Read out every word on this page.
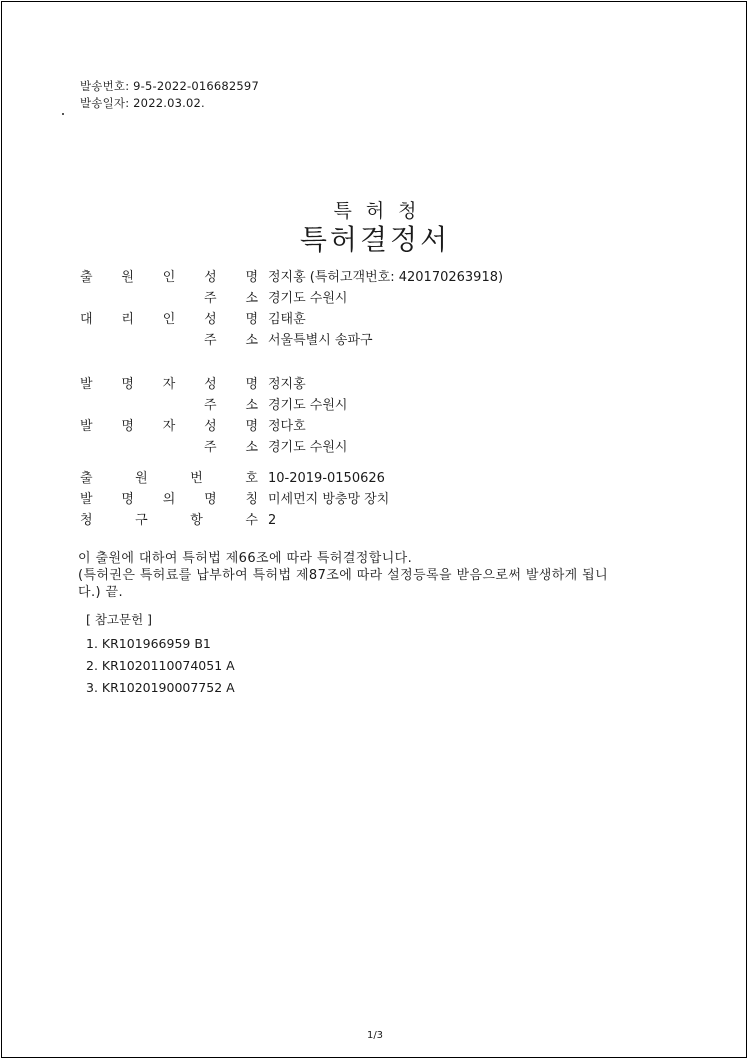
발송번호: 9-5-2022-016682597
발송일자: 2022.03.02.
특허청
특허결정서
출 원 인 성 명 정지홍 (특허고객번호: 420170263918)
주 소 경기도 수원시
대 리 인 성 명 김태훈
주 소 서울특별시 송파구
발 명 자 성 명 정지홍
주 소 경기도 수원시
발 명 자 성 명 정다호
주 소 경기도 수원시
출	원	번	호 10-2019-0150626
발 명 의 명 칭 미세먼지 방충망 장치
청	구	항	수 2
이 출원에 대하여 특허법 제66조에 따라 특허결정합니다.
(특허권은 특허료를 납부하여 특허법 제87조에 따라 설정등록을 받음으로써 발생하게 됩니
다.) 끝.
[ 참고문헌 ]
1. KR101966959 B1
2. KR1020110074051 A
3. KR1020190007752 A
1/3
